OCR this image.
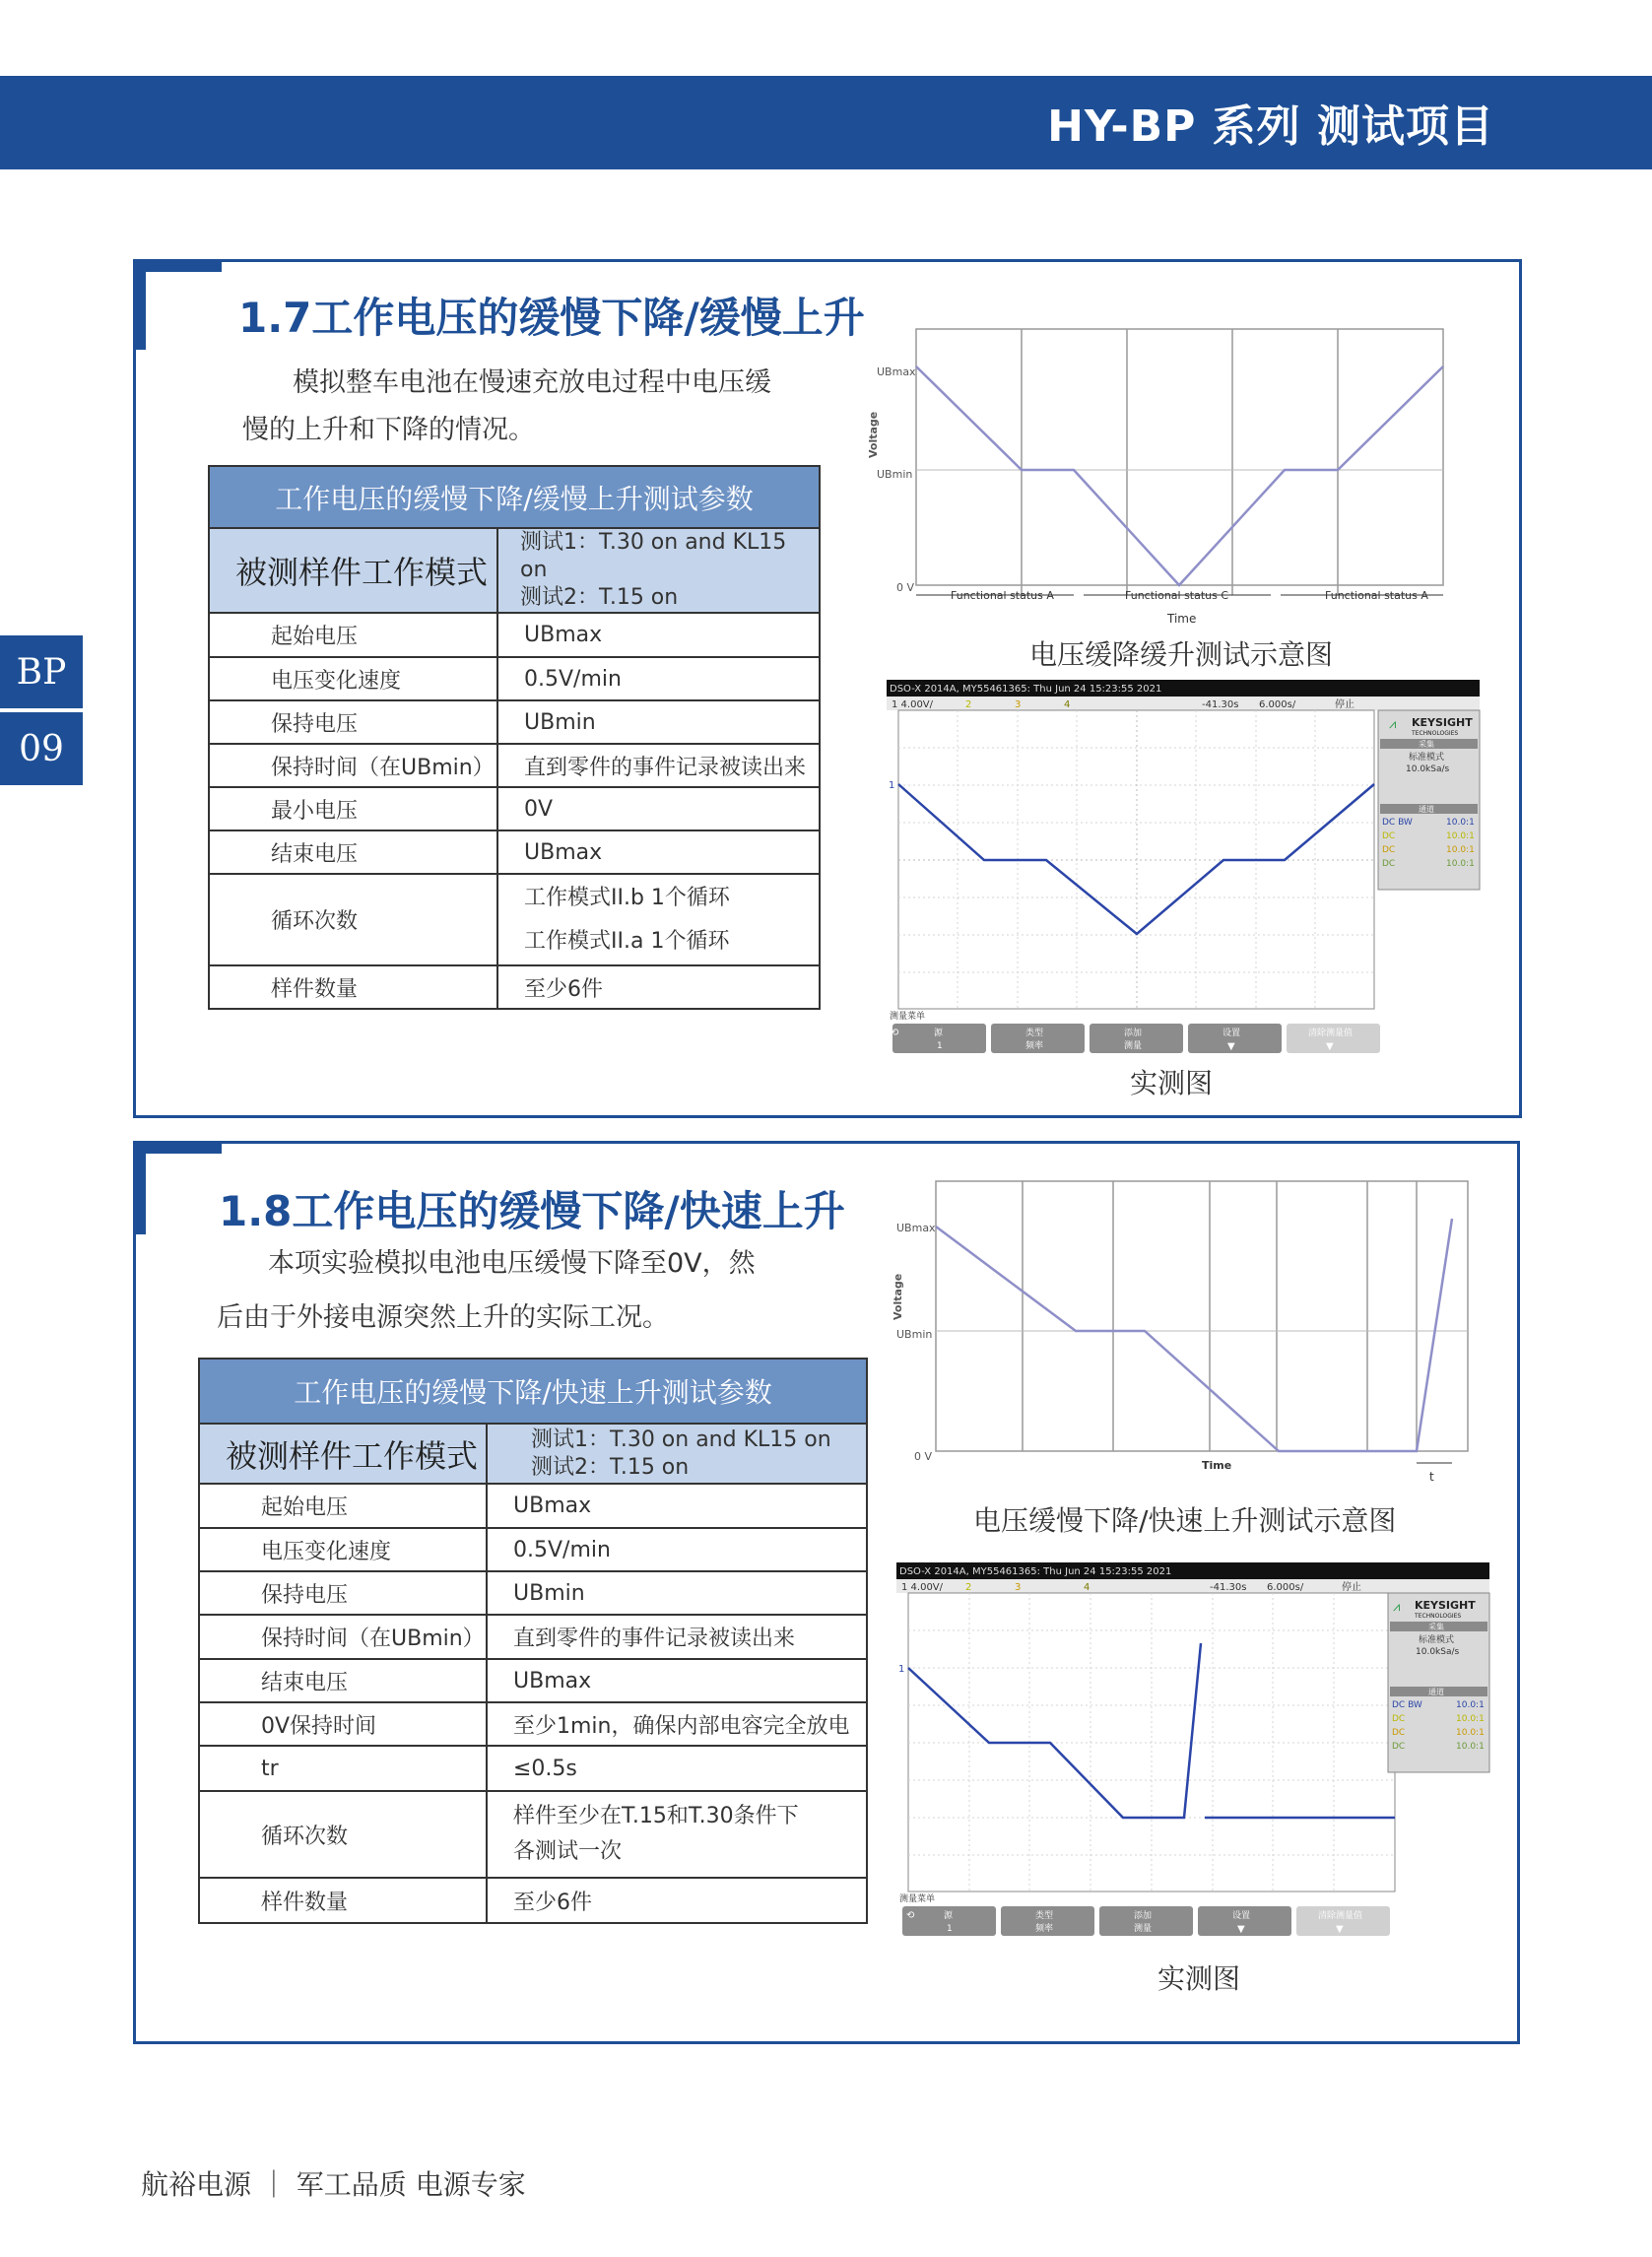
HY-BP 系列 测试项目
BP
09
1.7工作电压的缓慢下降/缓慢上升
模拟整车电池在慢速充放电过程中电压缓
慢的上升和下降的情况。
工作电压的缓慢下降/缓慢上升测试参数	
被测样件工作模式	测试1：T.30 on and KL15 on
测试2：T.15 on

起始电压	UBmax
电压变化速度	0.5V/min
保持电压	UBmin
保持时间（在UBmin）	直到零件的事件记录被读出来
最小电压	0V
结束电压	UBmax
循环次数	工作模式II.b 1个循环
工作模式II.a 1个循环

样件数量	至少6件
Voltage
UBmax
UBmin
0 V
Functional status A	Functional status C	Functional status A
Time
电压缓降缓升测试示意图
DSO-X 2014A, MY55461365: Thu Jun 24 15:23:55 2021
1 4.00V/	2	3	4	-41.30s 6.000s/	停止
1
⩘ KEYSIGHT
TECHNOLOGIES
采集
标准模式
10.0kSa/s
通道
DC BW	10.0:1
DC	10.0:1
DC	10.0:1
DC	10.0:1
测量菜单
⟲	源
1
类型
频率
添加
测量
设置
▼
清除测量值
▼
实测图
1.8工作电压的缓慢下降/快速上升
本项实验模拟电池电压缓慢下降至0V，然
后由于外接电源突然上升的实际工况。
工作电压的缓慢下降/快速上升测试参数	
被测样件工作模式	测试1：T.30 on and KL15 on
测试2：T.15 on

起始电压	UBmax
电压变化速度	0.5V/min
保持电压	UBmin
保持时间（在UBmin）	直到零件的事件记录被读出来
结束电压	UBmax
0V保持时间	至少1min，确保内部电容完全放电
tr	≤0.5s
循环次数	样件至少在T.15和T.30条件下
各测试一次

样件数量	至少6件
Voltage
UBmax
UBmin
0 V
Time
t
电压缓慢下降/快速上升测试示意图
DSO-X 2014A, MY55461365: Thu Jun 24 15:23:55 2021
1 4.00V/ 2	3	4	-41.30s 6.000s/	停止
1
⩘ KEYSIGHT
TECHNOLOGIES
采集
标准模式
10.0kSa/s
通道
DC BW	10.0:1
DC	10.0:1
DC	10.0:1
DC	10.0:1
测量菜单
⟲	源
1
类型
频率
添加
测量
设置
▼
清除测量值
▼
实测图
航裕电源 ｜ 军工品质 电源专家
